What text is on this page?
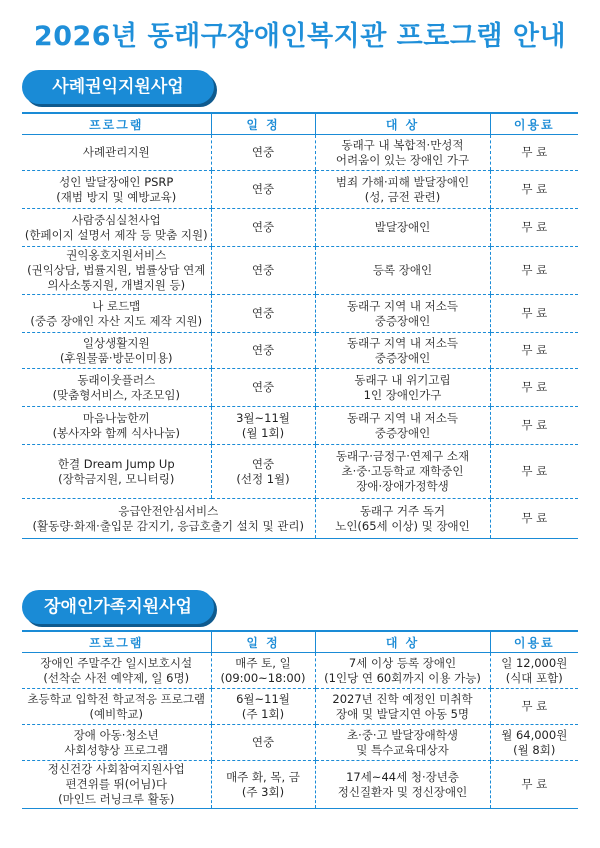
2026년 동래구장애인복지관 프로그램 안내
사례권익지원사업
프로그램	일 정	대 상	이용료

사례관리지원	연중	동래구 내 복합적·만성적
어려움이 있는 장애인 가구	무 료

성인 발달장애인 PSRP
(재범 방지 및 예방교육)	연중	범죄 가해·피해 발달장애인
(성, 금전 관련)	무 료

사람중심실천사업
(한페이지 설명서 제작 등 맞춤 지원)	연중	발달장애인	무 료

권익옹호지원서비스
(권익상담, 법률지원, 법률상담 연계
의사소통지원, 개별지원 등)	연중	등록 장애인	무 료

나 로드맵
(중증 장애인 자산 지도 제작 지원)	연중	동래구 지역 내 저소득
중증장애인	무 료

일상생활지원
(후원물품·방문이미용)	연중	동래구 지역 내 저소득
중증장애인	무 료

동래이웃플러스
(맞춤형서비스, 자조모임)	연중	동래구 내 위기고립
1인 장애인가구	무 료

마음나눔한끼
(봉사자와 함께 식사나눔)	3월~11월
(월 1회)	동래구 지역 내 저소득
중증장애인	무 료

한결 Dream Jump Up
(장학금지원, 모니터링)	연중
(선정 1월)	동래구·금정구·연제구 소재
초·중·고등학교 재학중인
장애·장애가정학생	무 료

응급안전안심서비스
(활동량·화재·출입문 감지기, 응급호출기 설치 및 관리)		동래구 거주 독거
노인(65세 이상) 및 장애인	무 료
장애인가족지원사업
프로그램	일 정	대 상	이용료

장애인 주말주간 일시보호시설
(선착순 사전 예약제, 일 6명)	매주 토, 일
(09:00~18:00)	7세 이상 등록 장애인
(1인당 연 60회까지 이용 가능)	일 12,000원
(식대 포함)

초등학교 입학전 학교적응 프로그램
(예비학교)	6월~11월
(주 1회)	2027년 진학 예정인 미취학
장애 및 발달지연 아동 5명	무 료

장애 아동·청소년
사회성향상 프로그램	연중	초·중·고 발달장애학생
및 특수교육대상자	월 64,000원
(월 8회)

정신건강 사회참여지원사업
편견위를 뛰(어님)다
(마인드 러닝크루 활동)	매주 화, 목, 금
(주 3회)	17세~44세 청·장년층
정신질환자 및 정신장애인	무 료
